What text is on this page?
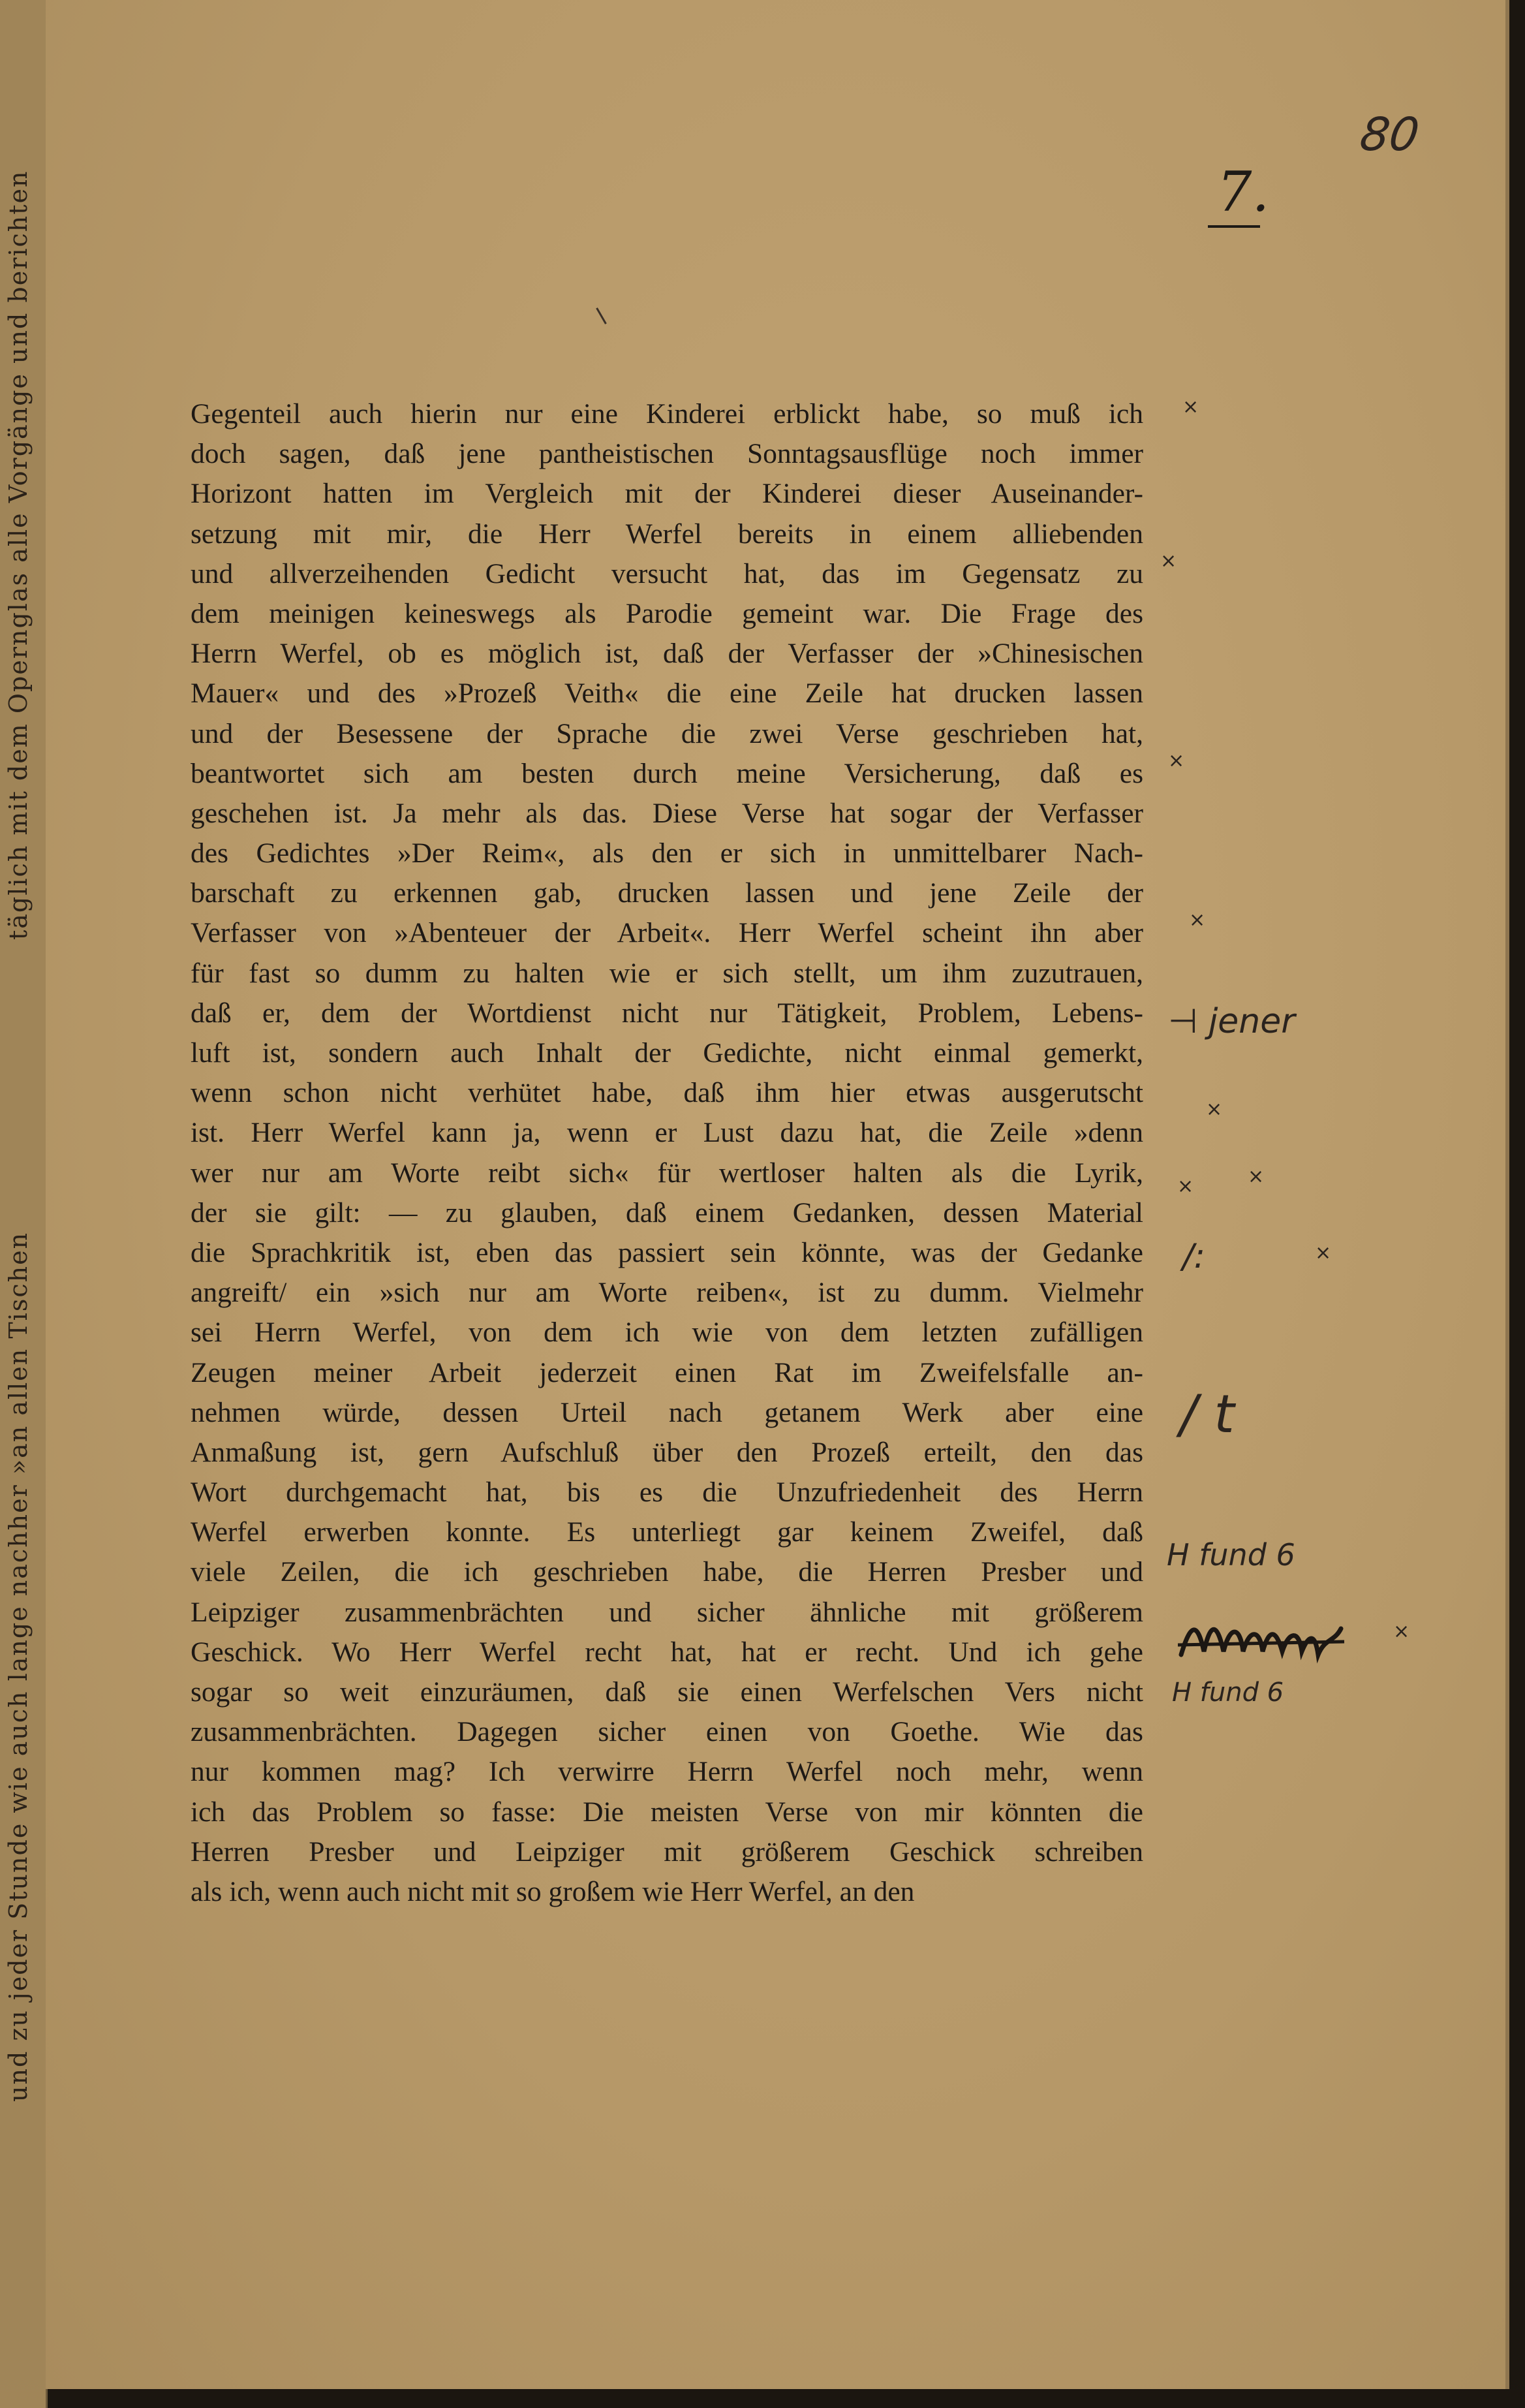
und zu jeder Stunde wie auch lange nachher »an allen Tischen
täglich mit dem Opernglas alle Vorgänge und berichten
80
7.
Gegenteil auch hierin nur eine Kinderei erblickt habe, so muß ich
doch sagen, daß jene pantheistischen Sonntagsausflüge noch immer
Horizont hatten im Vergleich mit der Kinderei dieser Auseinander-
setzung mit mir, die Herr Werfel bereits in einem alliebenden
und allverzeihenden Gedicht versucht hat, das im Gegensatz zu
dem meinigen keineswegs als Parodie gemeint war. Die Frage des
Herrn Werfel, ob es möglich ist, daß der Verfasser der »Chinesischen
Mauer« und des »Prozeß Veith« die eine Zeile hat drucken lassen
und der Besessene der Sprache die zwei Verse geschrieben hat,
beantwortet sich am besten durch meine Versicherung, daß es
geschehen ist. Ja mehr als das. Diese Verse hat sogar der Verfasser
des Gedichtes »Der Reim«, als den er sich in unmittelbarer Nach-
barschaft zu erkennen gab, drucken lassen und jene Zeile der
Verfasser von »Abenteuer der Arbeit«. Herr Werfel scheint ihn aber
für fast so dumm zu halten wie er sich stellt, um ihm zuzutrauen,
daß er, dem der Wortdienst nicht nur Tätigkeit, Problem, Lebens-
luft ist, sondern auch Inhalt der Gedichte, nicht einmal gemerkt,
wenn schon nicht verhütet habe, daß ihm hier etwas ausgerutscht
ist. Herr Werfel kann ja, wenn er Lust dazu hat, die Zeile »denn
wer nur am Worte reibt sich« für wertloser halten als die Lyrik,
der sie gilt: — zu glauben, daß einem Gedanken, dessen Material
die Sprachkritik ist, eben das passiert sein könnte, was der Gedanke
angreift/ ein »sich nur am Worte reiben«, ist zu dumm. Vielmehr
sei Herrn Werfel, von dem ich wie von dem letzten zufälligen
Zeugen meiner Arbeit jederzeit einen Rat im Zweifelsfalle an-
nehmen würde, dessen Urteil nach getanem Werk aber eine
Anmaßung ist, gern Aufschluß über den Prozeß erteilt, den das
Wort durchgemacht hat, bis es die Unzufriedenheit des Herrn
Werfel erwerben konnte. Es unterliegt gar keinem Zweifel, daß
viele Zeilen, die ich geschrieben habe, die Herren Presber und
Leipziger zusammenbrächten und sicher ähnliche mit größerem
Geschick. Wo Herr Werfel recht hat, hat er recht. Und ich gehe
sogar so weit einzuräumen, daß sie einen Werfelschen Vers nicht
zusammenbrächten. Dagegen sicher einen von Goethe. Wie das
nur kommen mag? Ich verwirre Herrn Werfel noch mehr, wenn
ich das Problem so fasse: Die meisten Verse von mir könnten die
Herren Presber und Leipziger mit größerem Geschick schreiben
als ich, wenn auch nicht mit so großem wie Herr Werfel, an den
×
×
×
×
⊣ jener
×
×	×
/:	×
/ t
H fund 6
×
H fund 6
